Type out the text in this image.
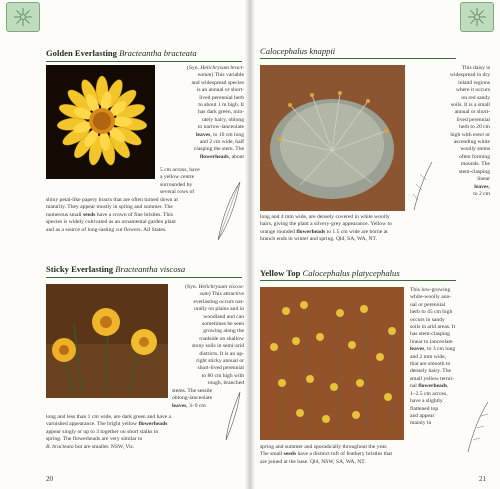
Golden Everlasting Bracteantha bracteata
(Syn. Helichrysum bract-
eatum) This variable
and widespread species
is an annual or short-
lived perennial herb
to about 1 m high. It
has dark green, min-
utely hairy, oblong
to narrow-lanceolate
leaves, to 10 cm long
and 2 cm wide, half
clasping the stem. The
flowerheads, about
5 cm across, have
a yellow centre
surrounded by
several rows of
shiny petal-like papery bracts that are often turned down at
maturity. They appear mostly in spring and summer. The
numerous small seeds have a crown of fine bristles. This
species is widely cultivated as an ornamental garden plant
and as a source of long-lasting cut flowers. All States.
Sticky Everlasting Bracteantha viscosa
(Syn. Helichrysum viscos-
sum) This attractive
everlasting occurs nat-
urally on plains and in
woodland and can
sometimes be seen
growing along the
roadside on shallow
stony soils in semi-arid
districts. It is an up-
right sticky annual or
short-lived perennial
to 80 cm high with
rough, branched
stems. The sessile
oblong-lanceolate
leaves, 3–9 cm
long and less than 1 cm wide, are dark green and have a
varnished appearance. The bright yellow flowerheads
appear singly or up to 3 together on short stalks in
spring. The flowerheads are very similar to
B. bracteata but are smaller. NSW, Vic.
20
Calocephalus knappii
This daisy is
widespread in dry
inland regions
where it occurs
on red sandy
soils. It is a small
annual or short-
lived perennial
herb to 20 cm
high with erect or
ascending white
woolly stems
often forming
mounds. The
stem-clasping
linear
leaves,
to 2 cm
long and 4 mm wide, are densely covered in white woolly
hairs, giving the plant a silvery-grey appearance. Yellow to
orange rounded flowerheads to 1.5 cm wide are borne at
branch ends in winter and spring. Qld, SA, WA, NT.
Yellow Top Calocephalus platycephalus
This low-growing
white-woolly ann-
ual or perennial
herb to 45 cm high
occurs in sandy
soils in arid areas. It
has stem-clasping
linear to lanceolate
leaves, to 3 cm long
and 2 mm wide,
that are smooth to
densely hairy. The
small yellow termi-
nal flowerheads,
1–2.5 cm across,
have a slightly
flattened top
and appear
mainly in
spring and summer and sporadically throughout the year.
The small seeds have a distinct tuft of feathery bristles that
are joined at the base. Qld, NSW, SA, WA, NT.
21
